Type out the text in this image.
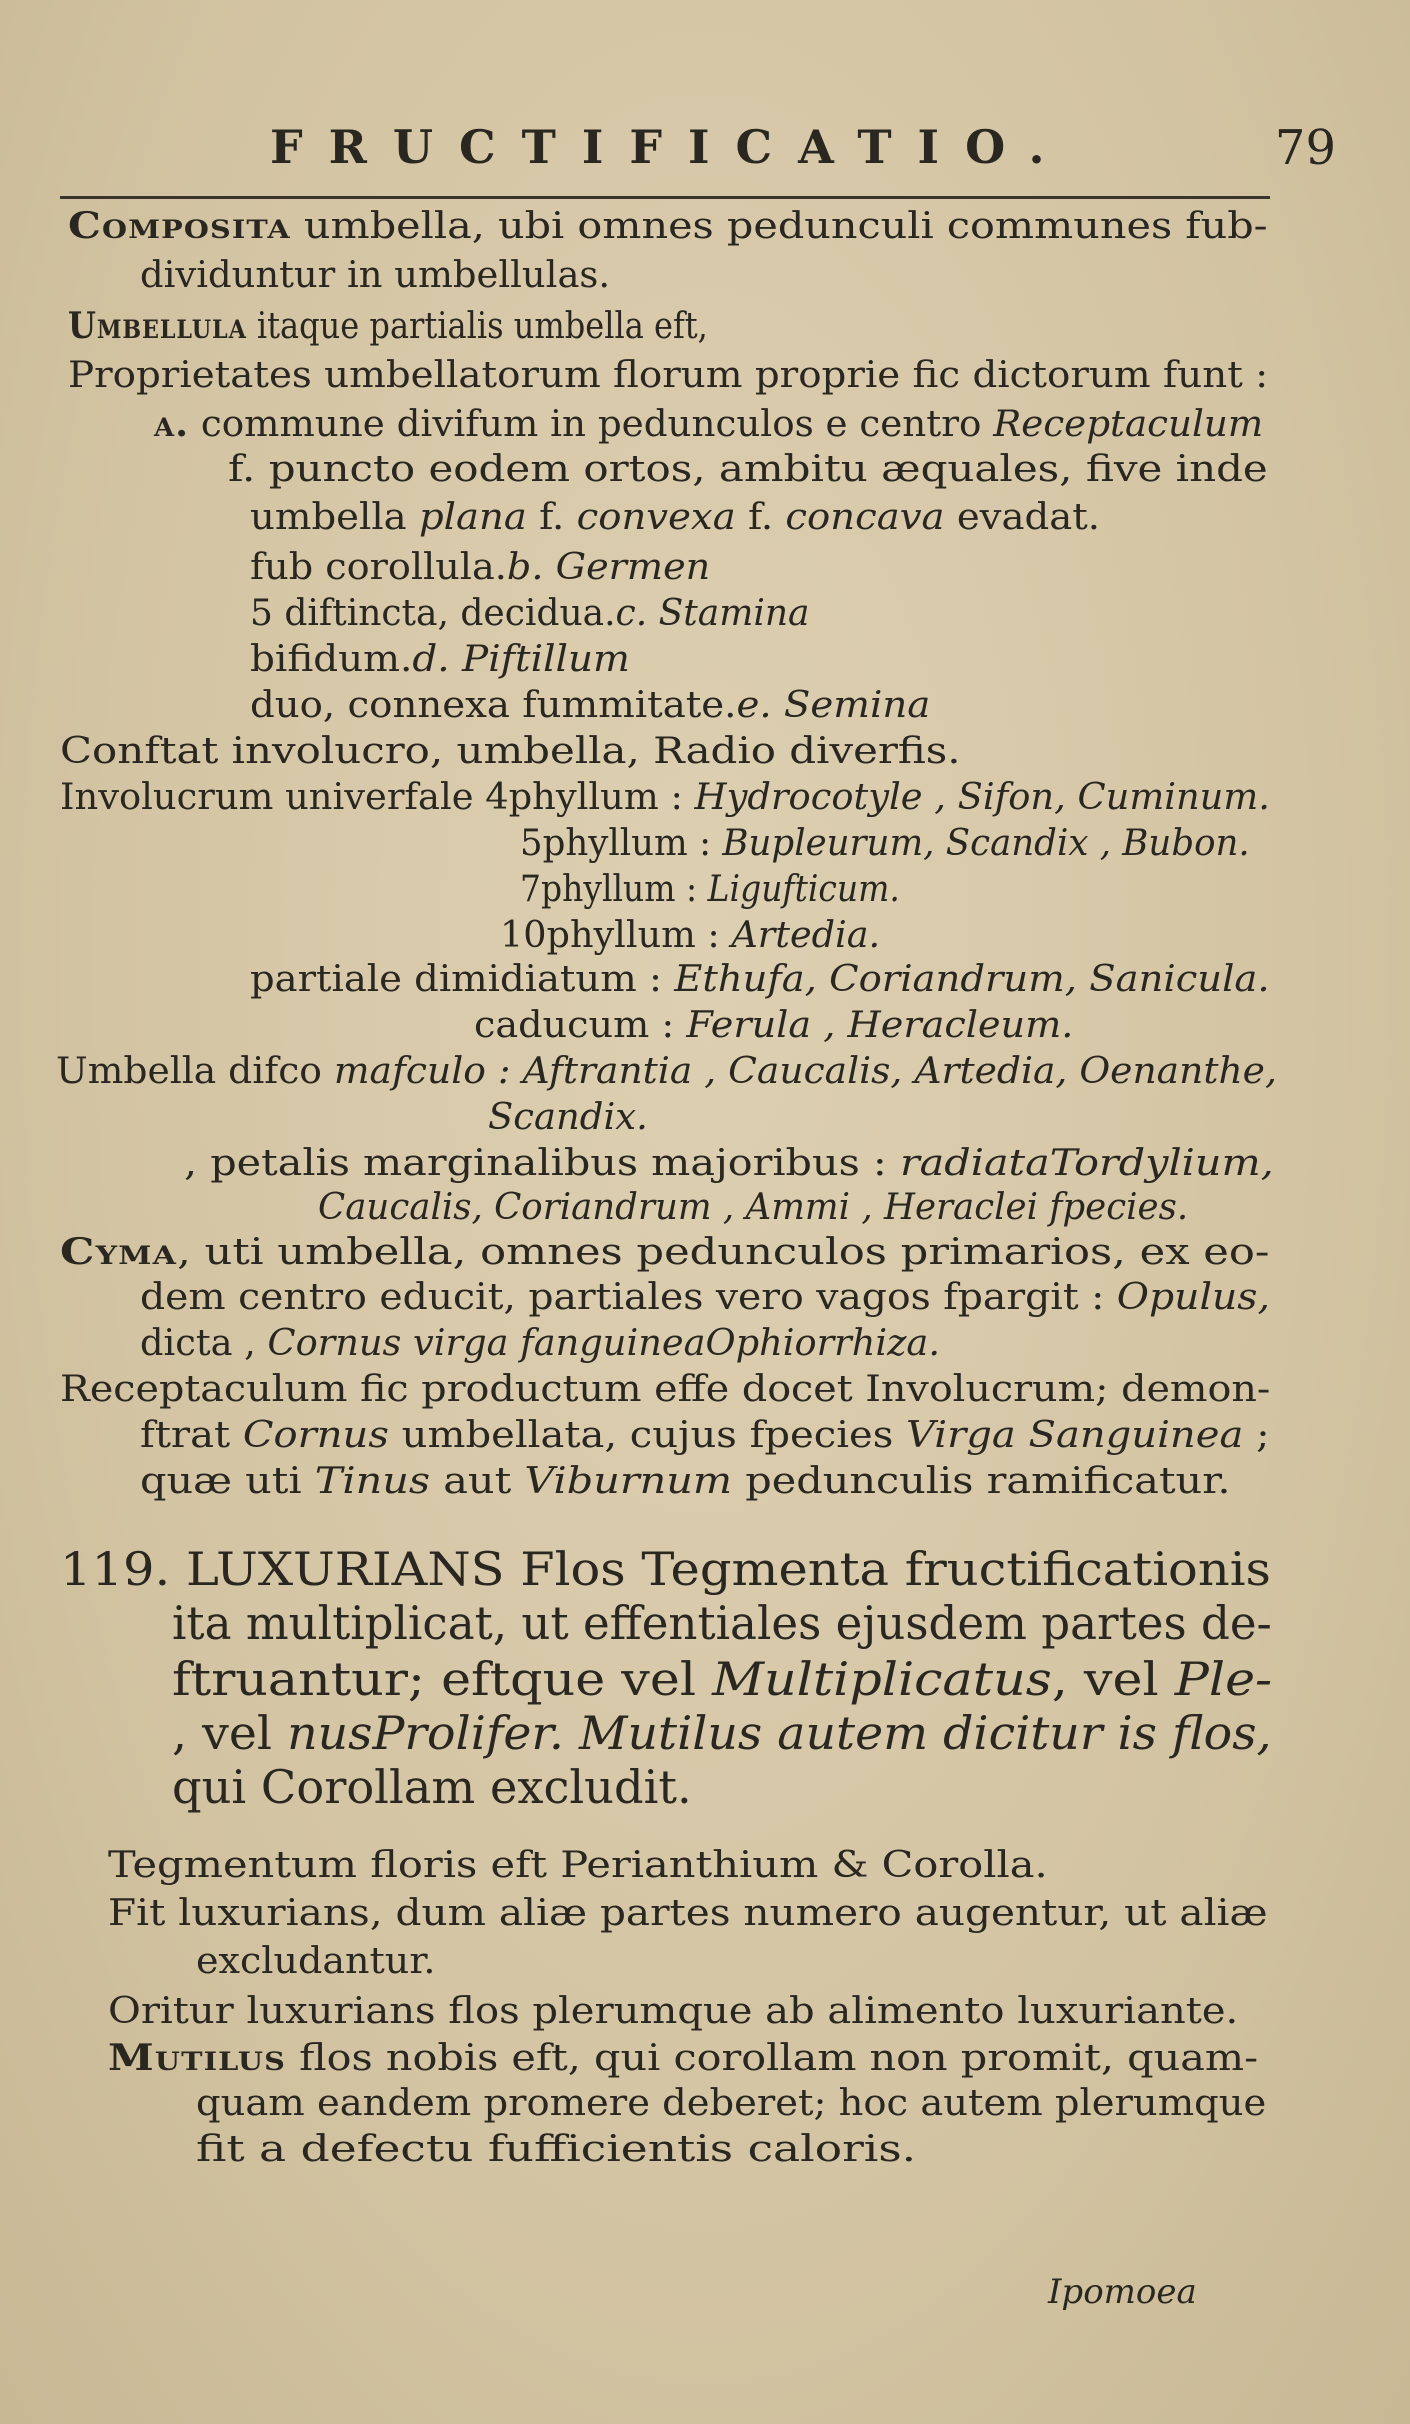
FRUCTIFICATIO.	79
Composita umbella, ubi omnes pedunculi communes fub-
dividuntur in umbellulas.
Umbellula itaque partialis umbella eft,
Proprietates umbellatorum florum proprie fic dictorum funt :
a. commune divifum in pedunculos e centro Receptaculum
f. puncto eodem ortos, ambitu æquales, five inde
umbella plana f. convexa f. concava evadat.
fub corollula.b. Germen
5 diftincta, decidua.c. Stamina
bifidum.d. Piftillum
duo, connexa fummitate.e. Semina
Conftat involucro, umbella, Radio diverfis.
Involucrum univerfale 4phyllum : Hydrocotyle , Sifon, Cuminum.
5phyllum : Bupleurum, Scandix , Bubon.
7phyllum : Ligufticum.
10phyllum : Artedia.
partiale dimidiatum : Ethufa, Coriandrum, Sanicula.
caducum : Ferula , Heracleum.
Umbella difco mafculo : Aftrantia , Caucalis, Artedia, Oenanthe,
Scandix.
, petalis marginalibus majoribus : radiataTordylium,
Caucalis, Coriandrum , Ammi , Heraclei fpecies.
Cyma, uti umbella, omnes pedunculos primarios, ex eo-
dem centro educit, partiales vero vagos fpargit : Opulus,
dicta , Cornus virga fanguineaOphiorrhiza.
Receptaculum fic productum effe docet Involucrum; demon-
ftrat Cornus umbellata, cujus fpecies Virga Sanguinea ;
quæ uti Tinus aut Viburnum pedunculis ramificatur.
119. LUXURIANS Flos Tegmenta fructificationis
ita multiplicat, ut effentiales ejusdem partes de-
ftruantur; eftque vel Multiplicatus, vel Ple-
, vel nusProlifer. Mutilus autem dicitur is flos,
qui Corollam excludit.
Tegmentum floris eft Perianthium & Corolla.
Fit luxurians, dum aliæ partes numero augentur, ut aliæ
excludantur.
Oritur luxurians flos plerumque ab alimento luxuriante.
Mutilus flos nobis eft, qui corollam non promit, quam-
quam eandem promere deberet; hoc autem plerumque
fit a defectu fufficientis caloris.
Ipomoea
